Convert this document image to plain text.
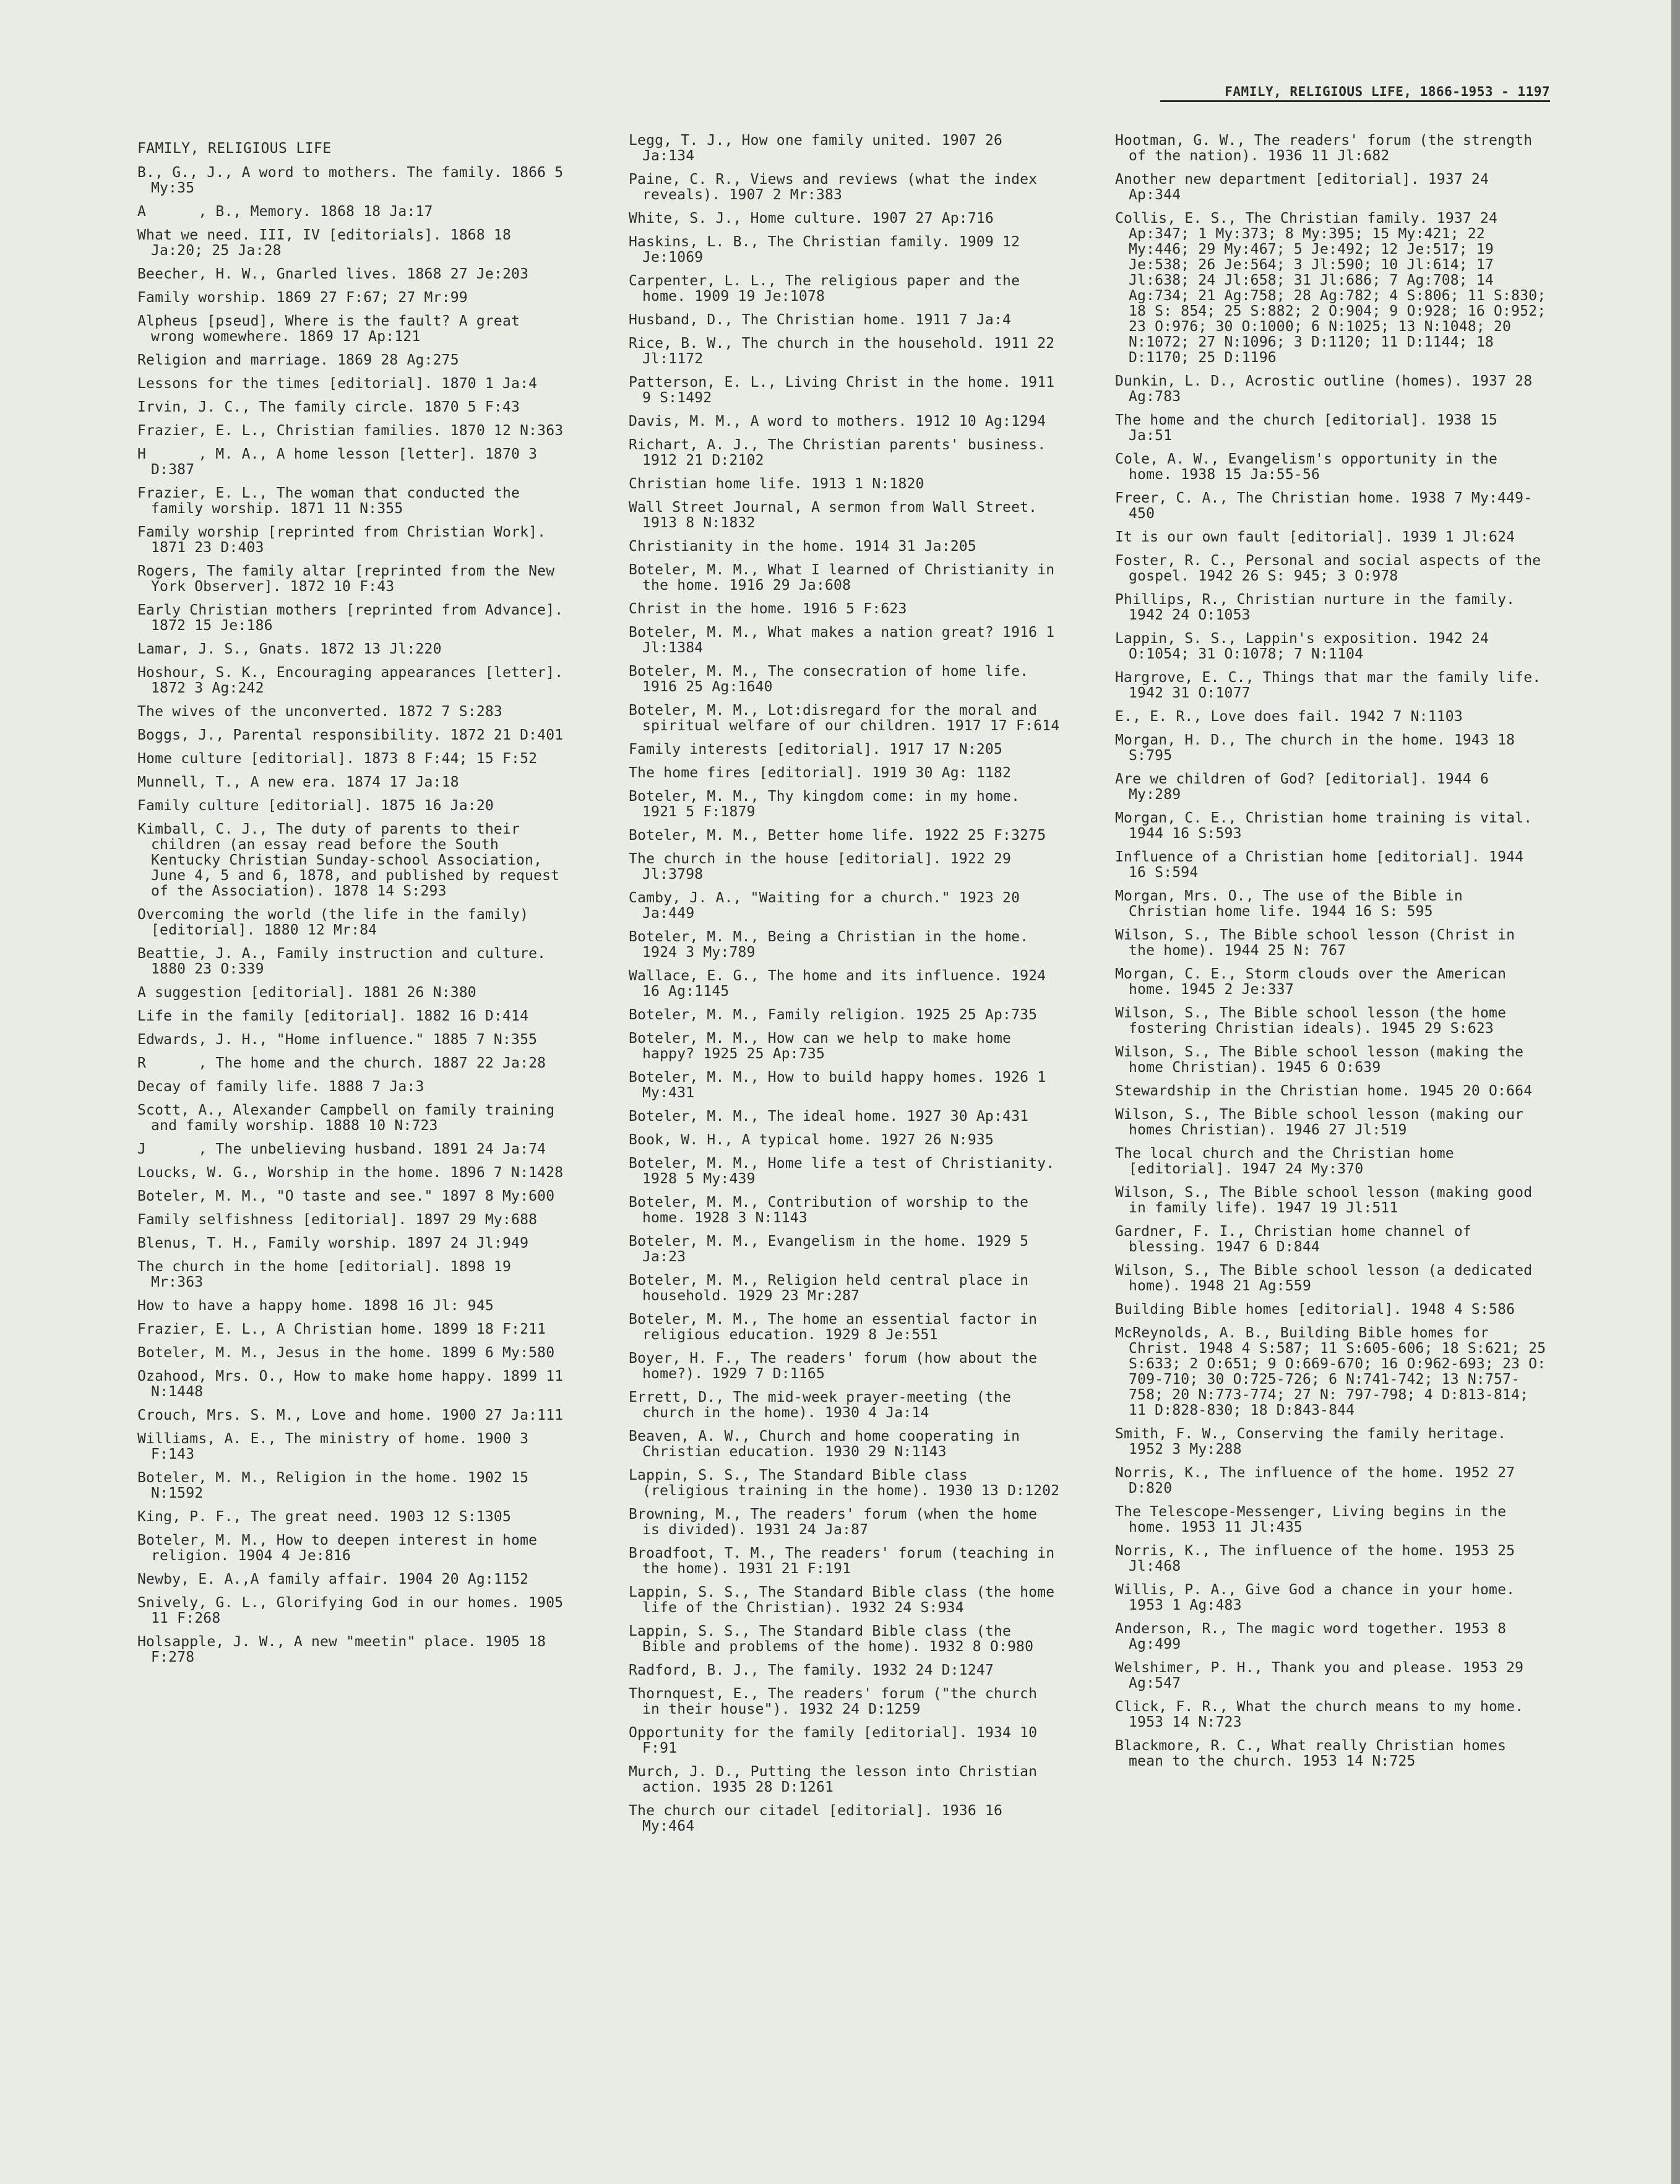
FAMILY, RELIGIOUS LIFE, 1866-1953 - 1197
FAMILY, RELIGIOUS LIFE
B., G., J., A word to mothers. The family. 1866 5 My:35
A      , B., Memory. 1868 18 Ja:17
What we need. III, IV [editorials]. 1868 18 Ja:20; 25 Ja:28
Beecher, H. W., Gnarled lives. 1868 27 Je:203
Family worship. 1869 27 F:67; 27 Mr:99
Alpheus [pseud], Where is the fault? A great wrong womewhere. 1869 17 Ap:121
Religion and marriage. 1869 28 Ag:275
Lessons for the times [editorial]. 1870 1 Ja:4
Irvin, J. C., The family circle. 1870 5 F:43
Frazier, E. L., Christian families. 1870 12 N:363
H      , M. A., A home lesson [letter]. 1870 3 D:387
Frazier, E. L., The woman that conducted the family worship. 1871 11 N:355
Family worship [reprinted from Christian Work]. 1871 23 D:403
Rogers, The family altar [reprinted from the New York Observer]. 1872 10 F:43
Early Christian mothers [reprinted from Advance]. 1872 15 Je:186
Lamar, J. S., Gnats. 1872 13 Jl:220
Hoshour, S. K., Encouraging appearances [letter]. 1872 3 Ag:242
The wives of the unconverted. 1872 7 S:283
Boggs, J., Parental responsibility. 1872 21 D:401
Home culture [editorial]. 1873 8 F:44; 15 F:52
Munnell, T., A new era. 1874 17 Ja:18
Family culture [editorial]. 1875 16 Ja:20
Kimball, C. J., The duty of parents to their children (an essay read before the South Kentucky Christian Sunday-school Association, June 4, 5 and 6, 1878, and published by request of the Association). 1878 14 S:293
Overcoming the world (the life in the family) [editorial]. 1880 12 Mr:84
Beattie, J. A., Family instruction and culture. 1880 23 O:339
A suggestion [editorial]. 1881 26 N:380
Life in the family [editorial]. 1882 16 D:414
Edwards, J. H., "Home influence." 1885 7 N:355
R      , The home and the church. 1887 22 Ja:28
Decay of family life. 1888 7 Ja:3
Scott, A., Alexander Campbell on family training and family worship. 1888 10 N:723
J      , The unbelieving husband. 1891 24 Ja:74
Loucks, W. G., Worship in the home. 1896 7 N:1428
Boteler, M. M., "O taste and see." 1897 8 My:600
Family selfishness [editorial]. 1897 29 My:688
Blenus, T. H., Family worship. 1897 24 Jl:949
The church in the home [editorial]. 1898 19 Mr:363
How to have a happy home. 1898 16 Jl: 945
Frazier, E. L., A Christian home. 1899 18 F:211
Boteler, M. M., Jesus in the home. 1899 6 My:580
Ozahood, Mrs. O., How to make home happy. 1899 11 N:1448
Crouch, Mrs. S. M., Love and home. 1900 27 Ja:111
Williams, A. E., The ministry of home. 1900 3 F:143
Boteler, M. M., Religion in the home. 1902 15 N:1592
King, P. F., The great need. 1903 12 S:1305
Boteler, M. M., How to deepen interest in home religion. 1904 4 Je:816
Newby, E. A.,A family affair. 1904 20 Ag:1152
Snively, G. L., Glorifying God in our homes. 1905 11 F:268
Holsapple, J. W., A new "meetin" place. 1905 18 F:278
Legg, T. J., How one family united. 1907 26 Ja:134
Paine, C. R., Views and reviews (what the index reveals). 1907 2 Mr:383
White, S. J., Home culture. 1907 27 Ap:716
Haskins, L. B., The Christian family. 1909 12 Je:1069
Carpenter, L. L., The religious paper and the home. 1909 19 Je:1078
Husband, D., The Christian home. 1911 7 Ja:4
Rice, B. W., The church in the household. 1911 22 Jl:1172
Patterson, E. L., Living Christ in the home. 1911 9 S:1492
Davis, M. M., A word to mothers. 1912 10 Ag:1294
Richart, A. J., The Christian parents' business. 1912 21 D:2102
Christian home life. 1913 1 N:1820
Wall Street Journal, A sermon from Wall Street. 1913 8 N:1832
Christianity in the home. 1914 31 Ja:205
Boteler, M. M., What I learned of Christianity in the home. 1916 29 Ja:608
Christ in the home. 1916 5 F:623
Boteler, M. M., What makes a nation great? 1916 1 Jl:1384
Boteler, M. M., The consecration of home life. 1916 25 Ag:1640
Boteler, M. M., Lot:disregard for the moral and spiritual welfare of our children. 1917 17 F:614
Family interests [editorial]. 1917 17 N:205
The home fires [editorial]. 1919 30 Ag: 1182
Boteler, M. M., Thy kingdom come: in my home. 1921 5 F:1879
Boteler, M. M., Better home life. 1922 25 F:3275
The church in the house [editorial]. 1922 29 Jl:3798
Camby, J. A., "Waiting for a church." 1923 20 Ja:449
Boteler, M. M., Being a Christian in the home. 1924 3 My:789
Wallace, E. G., The home and its influence. 1924 16 Ag:1145
Boteler, M. M., Family religion. 1925 25 Ap:735
Boteler, M. M., How can we help to make home happy? 1925 25 Ap:735
Boteler, M. M., How to build happy homes. 1926 1 My:431
Boteler, M. M., The ideal home. 1927 30 Ap:431
Book, W. H., A typical home. 1927 26 N:935
Boteler, M. M., Home life a test of Christianity. 1928 5 My:439
Boteler, M. M., Contribution of worship to the home. 1928 3 N:1143
Boteler, M. M., Evangelism in the home. 1929 5 Ja:23
Boteler, M. M., Religion held central place in household. 1929 23 Mr:287
Boteler, M. M., The home an essential factor in religious education. 1929 8 Je:551
Boyer, H. F., The readers' forum (how about the home?). 1929 7 D:1165
Errett, D., The mid-week prayer-meeting (the church in the home). 1930 4 Ja:14
Beaven, A. W., Church and home cooperating in Christian education. 1930 29 N:1143
Lappin, S. S., The Standard Bible class (religious training in the home). 1930 13 D:1202
Browning, M., The readers' forum (when the home is divided). 1931 24 Ja:87
Broadfoot, T. M., The readers' forum (teaching in the home). 1931 21 F:191
Lappin, S. S., The Standard Bible class (the home life of the Christian). 1932 24 S:934
Lappin, S. S., The Standard Bible class (the Bible and problems of the home). 1932 8 O:980
Radford, B. J., The family. 1932 24 D:1247
Thornquest, E., The readers' forum ("the church in their house"). 1932 24 D:1259
Opportunity for the family [editorial]. 1934 10 F:91
Murch, J. D., Putting the lesson into Christian action. 1935 28 D:1261
The church our citadel [editorial]. 1936 16 My:464
Hootman, G. W., The readers' forum (the strength of the nation). 1936 11 Jl:682
Another new department [editorial]. 1937 24 Ap:344
Collis, E. S., The Christian family. 1937 24 Ap:347; 1 My:373; 8 My:395; 15 My:421; 22 My:446; 29 My:467; 5 Je:492; 12 Je:517; 19 Je:538; 26 Je:564; 3 Jl:590; 10 Jl:614; 17 Jl:638; 24 Jl:658; 31 Jl:686; 7 Ag:708; 14 Ag:734; 21 Ag:758; 28 Ag:782; 4 S:806; 11 S:830; 18 S: 854; 25 S:882; 2 O:904; 9 O:928; 16 O:952; 23 O:976; 30 O:1000; 6 N:1025; 13 N:1048; 20 N:1072; 27 N:1096; 3 D:1120; 11 D:1144; 18 D:1170; 25 D:1196
Dunkin, L. D., Acrostic outline (homes). 1937 28 Ag:783
The home and the church [editorial]. 1938 15 Ja:51
Cole, A. W., Evangelism's opportunity in the home. 1938 15 Ja:55-56
Freer, C. A., The Christian home. 1938 7 My:449-450
It is our own fault [editorial]. 1939 1 Jl:624
Foster, R. C., Personal and social aspects of the gospel. 1942 26 S: 945; 3 O:978
Phillips, R., Christian nurture in the family. 1942 24 O:1053
Lappin, S. S., Lappin's exposition. 1942 24 O:1054; 31 O:1078; 7 N:1104
Hargrove, E. C., Things that mar the family life. 1942 31 O:1077
E., E. R., Love does fail. 1942 7 N:1103
Morgan, H. D., The church in the home. 1943 18 S:795
Are we children of God? [editorial]. 1944 6 My:289
Morgan, C. E., Christian home training is vital. 1944 16 S:593
Influence of a Christian home [editorial]. 1944 16 S:594
Morgan, Mrs. O., The use of the Bible in Christian home life. 1944 16 S: 595
Wilson, S., The Bible school lesson (Christ in the home). 1944 25 N: 767
Morgan, C. E., Storm clouds over the American home. 1945 2 Je:337
Wilson, S., The Bible school lesson (the home fostering Christian ideals). 1945 29 S:623
Wilson, S., The Bible school lesson (making the home Christian). 1945 6 O:639
Stewardship in the Christian home. 1945 20 O:664
Wilson, S., The Bible school lesson (making our homes Christian). 1946 27 Jl:519
The local church and the Christian home [editorial]. 1947 24 My:370
Wilson, S., The Bible school lesson (making good in family life). 1947 19 Jl:511
Gardner, F. I., Christian home channel of blessing. 1947 6 D:844
Wilson, S., The Bible school lesson (a dedicated home). 1948 21 Ag:559
Building Bible homes [editorial]. 1948 4 S:586
McReynolds, A. B., Building Bible homes for Christ. 1948 4 S:587; 11 S:605-606; 18 S:621; 25 S:633; 2 O:651; 9 O:669-670; 16 O:962-693; 23 O: 709-710; 30 O:725-726; 6 N:741-742; 13 N:757-758; 20 N:773-774; 27 N: 797-798; 4 D:813-814; 11 D:828-830; 18 D:843-844
Smith, F. W., Conserving the family heritage. 1952 3 My:288
Norris, K., The influence of the home. 1952 27 D:820
The Telescope-Messenger, Living begins in the home. 1953 11 Jl:435
Norris, K., The influence of the home. 1953 25 Jl:468
Willis, P. A., Give God a chance in your home. 1953 1 Ag:483
Anderson, R., The magic word together. 1953 8 Ag:499
Welshimer, P. H., Thank you and please. 1953 29 Ag:547
Click, F. R., What the church means to my home. 1953 14 N:723
Blackmore, R. C., What really Christian homes mean to the church. 1953 14 N:725
